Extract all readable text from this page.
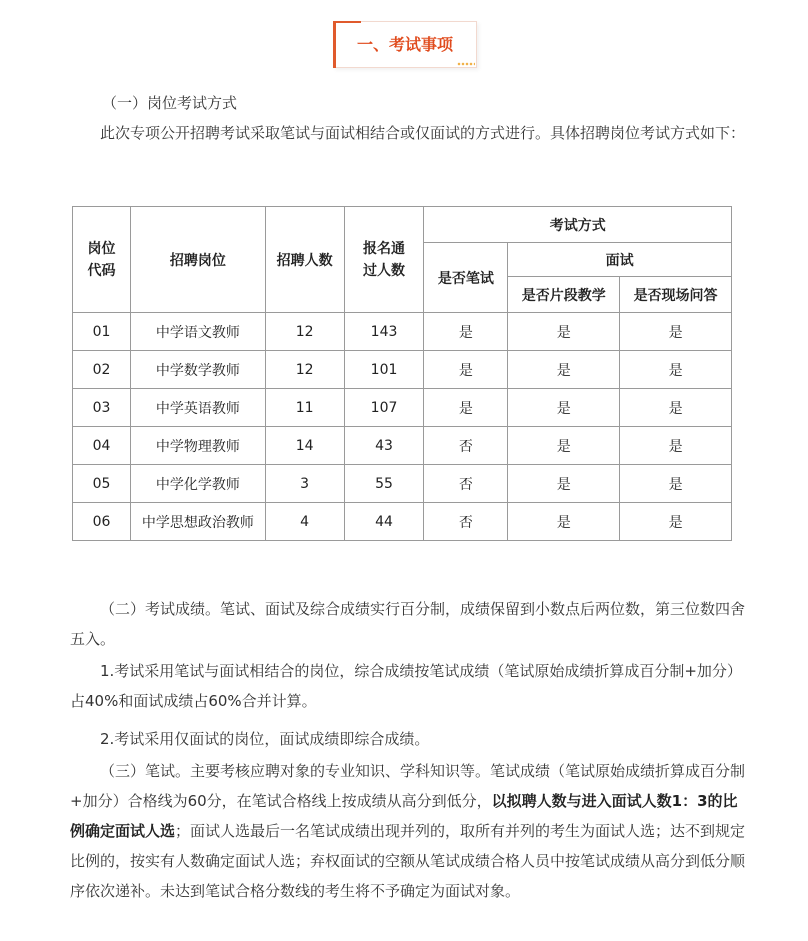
一、考试事项
（一）岗位考试方式
此次专项公开招聘考试采取笔试与面试相结合或仅面试的方式进行。具体招聘岗位考试方式如下：
岗位代码	招聘岗位	招聘人数	报名通过人数	考试方式		
				是否笔试	面试	
					是否片段教学	是否现场问答
01	中学语文教师	12	143	是	是	是
02	中学数学教师	12	101	是	是	是
03	中学英语教师	11	107	是	是	是
04	中学物理教师	14	43	否	是	是
05	中学化学教师	3	55	否	是	是
06	中学思想政治教师	4	44	否	是	是
（二）考试成绩。笔试、面试及综合成绩实行百分制，成绩保留到小数点后两位数，第三位数四舍五入。
1.考试采用笔试与面试相结合的岗位，综合成绩按笔试成绩（笔试原始成绩折算成百分制+加分）占40%和面试成绩占60%合并计算。
2.考试采用仅面试的岗位，面试成绩即综合成绩。
（三）笔试。主要考核应聘对象的专业知识、学科知识等。笔试成绩（笔试原始成绩折算成百分制+加分）合格线为60分，在笔试合格线上按成绩从高分到低分，以拟聘人数与进入面试人数1：3的比例确定面试人选；面试人选最后一名笔试成绩出现并列的，取所有并列的考生为面试人选；达不到规定比例的，按实有人数确定面试人选；弃权面试的空额从笔试成绩合格人员中按笔试成绩从高分到低分顺序依次递补。未达到笔试合格分数线的考生将不予确定为面试对象。
